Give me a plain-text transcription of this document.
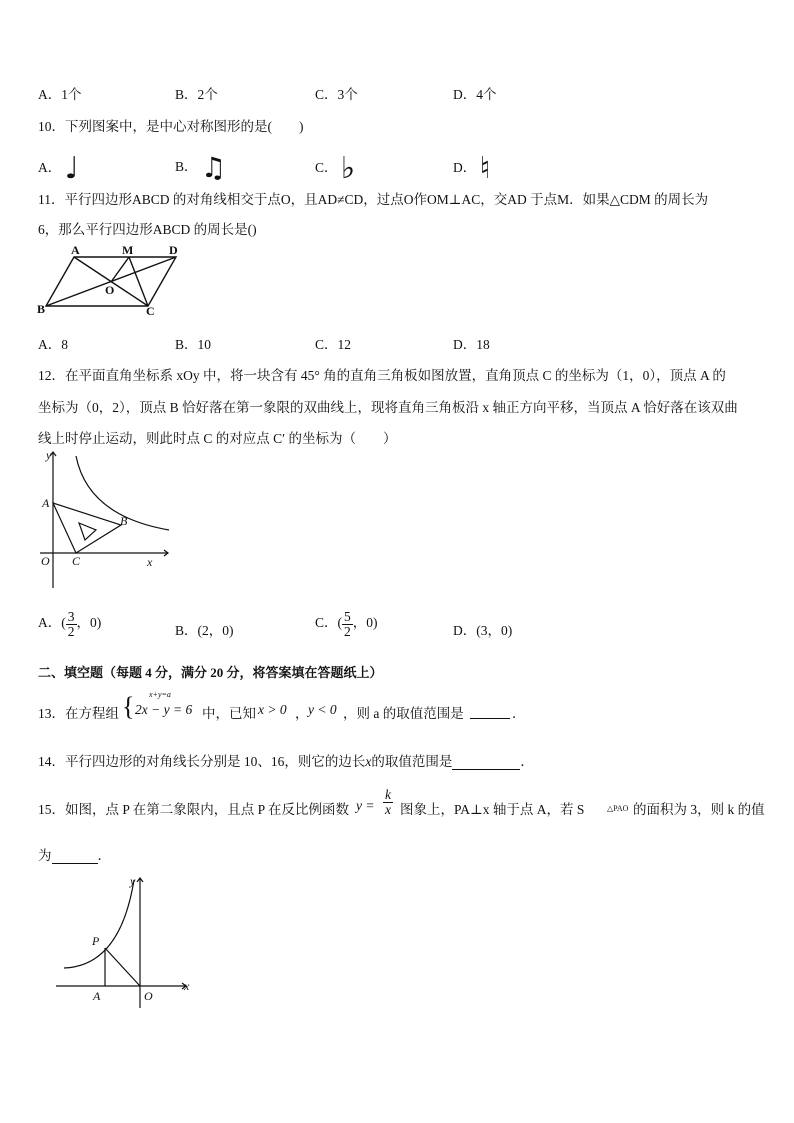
A．1个	B．2个	C．3个	D．4个
10．下列图案中，是中心对称图形的是(　　)
A． ♩	B． ♫	C． ♭	D． ♮
11．平行四边形ABCD 的对角线相交于点O，且AD≠CD，过点O作OM⊥AC，交AD 于点M．如果△CDM 的周长为
6，那么平行四边形ABCD 的周长是()
A	M	D
B
O
C
A．8	B．10	C．12	D．18
12．在平面直角坐标系 xOy 中，将一块含有 45° 角的直角三角板如图放置，直角顶点 C 的坐标为（1，0），顶点 A 的
坐标为（0，2），顶点 B 恰好落在第一象限的双曲线上，现将直角三角板沿 x 轴正方向平移，当顶点 A 恰好落在该双曲
线上时停止运动，则此时点 C 的对应点 C′ 的坐标为（　　）
y
A
B
O C	x
A．( $\frac{3}{2}$ ，0)
B．(2，0)
C．( $\frac{5}{2}$ ，0)
D．(3，0)
二、填空题（每题 4 分，满分 20 分，将答案填在答题纸上）
13．在方程组 { x+y=a
2x − y = 6 中，已知 x > 0 ， y < 0 ，则 a 的取值范围是	．
14．平行四边形的对角线长分别是 10、16，则它的边长x的取值范围是	．
15．如图，点 P 在第二象限内，且点 P 在反比例函数 $y = \frac{k}{x}$ 图象上，PA⊥x 轴于点 A，若 S	△PAO 的面积为 3，则 k 的值
为	．
y
P
A	O
x
